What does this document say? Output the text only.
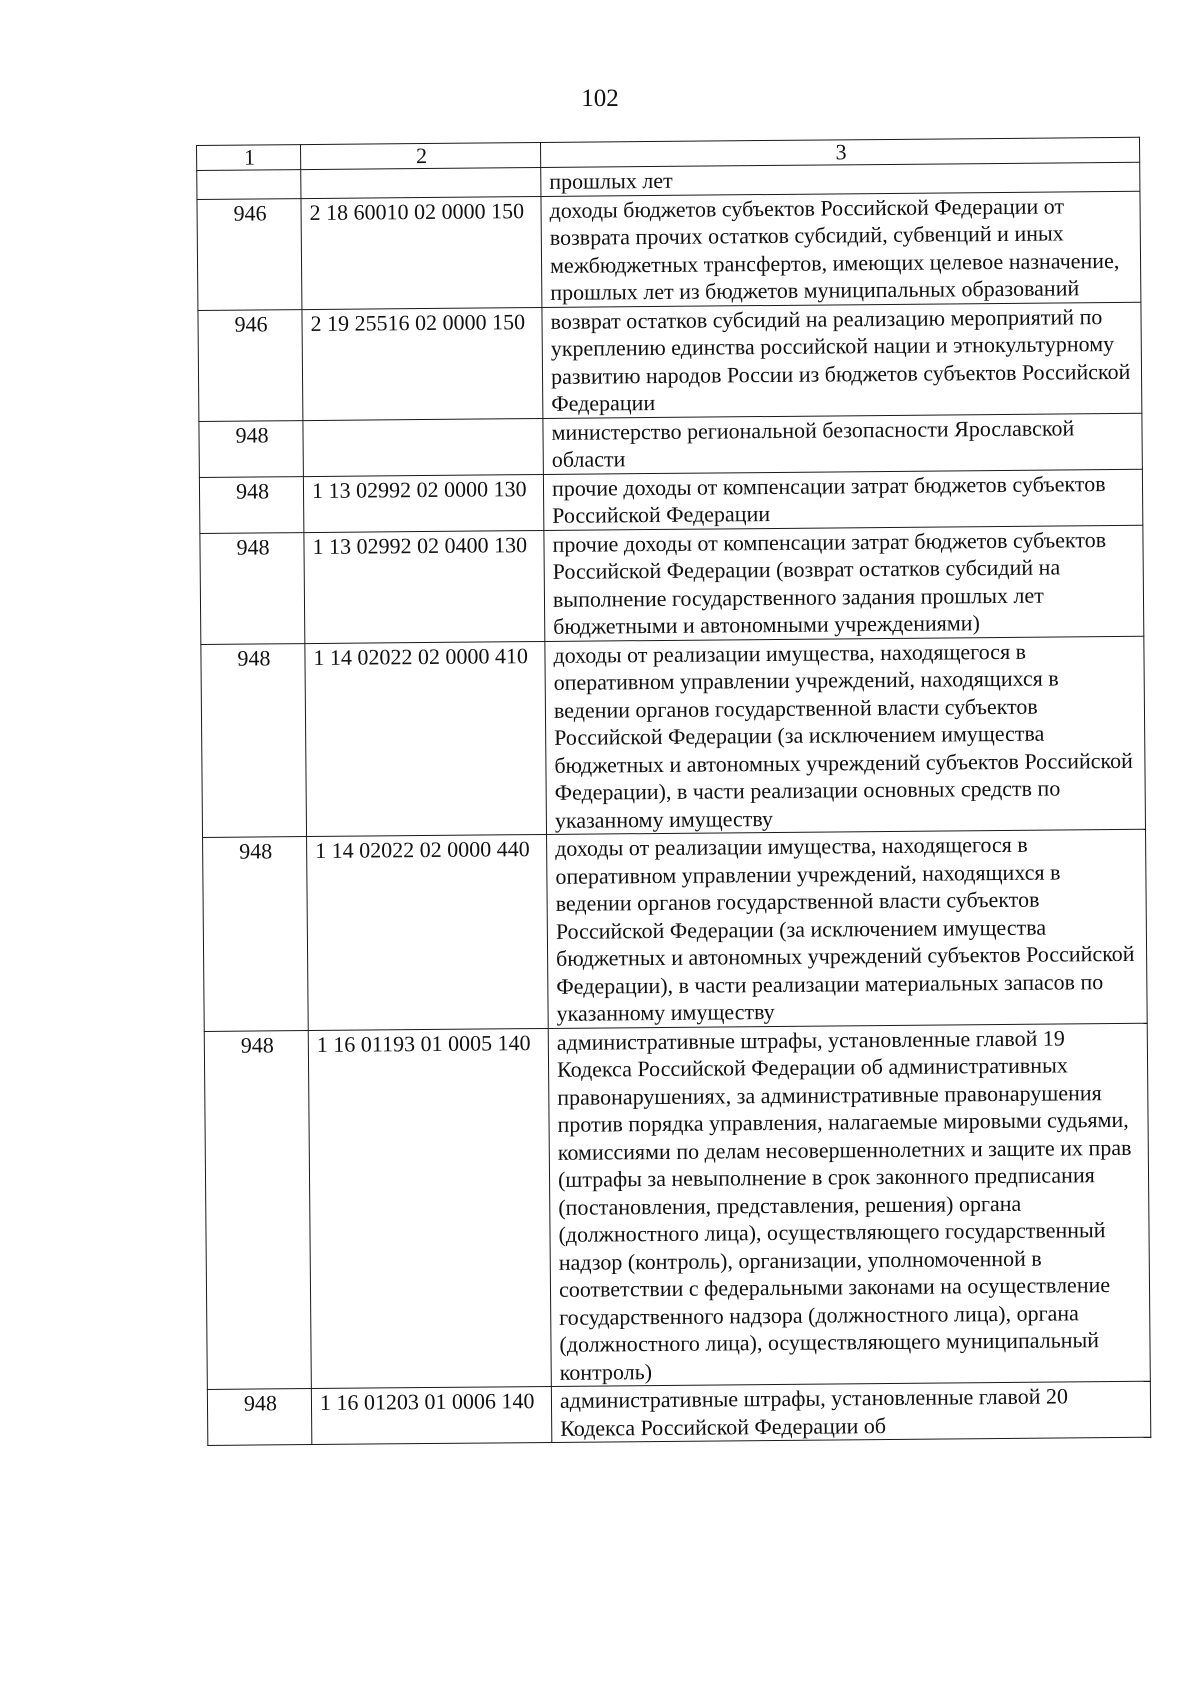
102
1	2	3
		прошлых лет
946	2 18 60010 02 0000 150	доходы бюджетов субъектов Российской Федерации от возврата прочих остатков субсидий, субвенций и иных межбюджетных трансфертов, имеющих целевое назначение, прошлых лет из бюджетов муниципальных образований
946	2 19 25516 02 0000 150	возврат остатков субсидий на реализацию мероприятий по укреплению единства российской нации и этнокультурному развитию народов России из бюджетов субъектов Российской Федерации
948		министерство региональной безопасности Ярославской области
948	1 13 02992 02 0000 130	прочие доходы от компенсации затрат бюджетов субъектов Российской Федерации
948	1 13 02992 02 0400 130	прочие доходы от компенсации затрат бюджетов субъектов Российской Федерации (возврат остатков субсидий на выполнение государственного задания прошлых лет бюджетными и автономными учреждениями)
948	1 14 02022 02 0000 410	доходы от реализации имущества, находящегося в оперативном управлении учреждений, находящихся в ведении органов государственной власти субъектов Российской Федерации (за исключением имущества бюджетных и автономных учреждений субъектов Российской Федерации), в части реализации основных средств по указанному имуществу
948	1 14 02022 02 0000 440	доходы от реализации имущества, находящегося в оперативном управлении учреждений, находящихся в ведении органов государственной власти субъектов Российской Федерации (за исключением имущества бюджетных и автономных учреждений субъектов Российской Федерации), в части реализации материальных запасов по указанному имуществу
948	1 16 01193 01 0005 140	административные штрафы, установленные главой 19 Кодекса Российской Федерации об административных правонарушениях, за административные правонарушения против порядка управления, налагаемые мировыми судьями, комиссиями по делам несовершеннолетних и защите их прав (штрафы за невыполнение в срок законного предписания (постановления, представления, решения) органа (должностного лица), осуществляющего государственный надзор (контроль), организации, уполномоченной в соответствии с федеральными законами на осуществление государственного надзора (должностного лица), органа (должностного лица), осуществляющего муниципальный контроль)
948	1 16 01203 01 0006 140	административные штрафы, установленные главой 20 Кодекса Российской Федерации об
